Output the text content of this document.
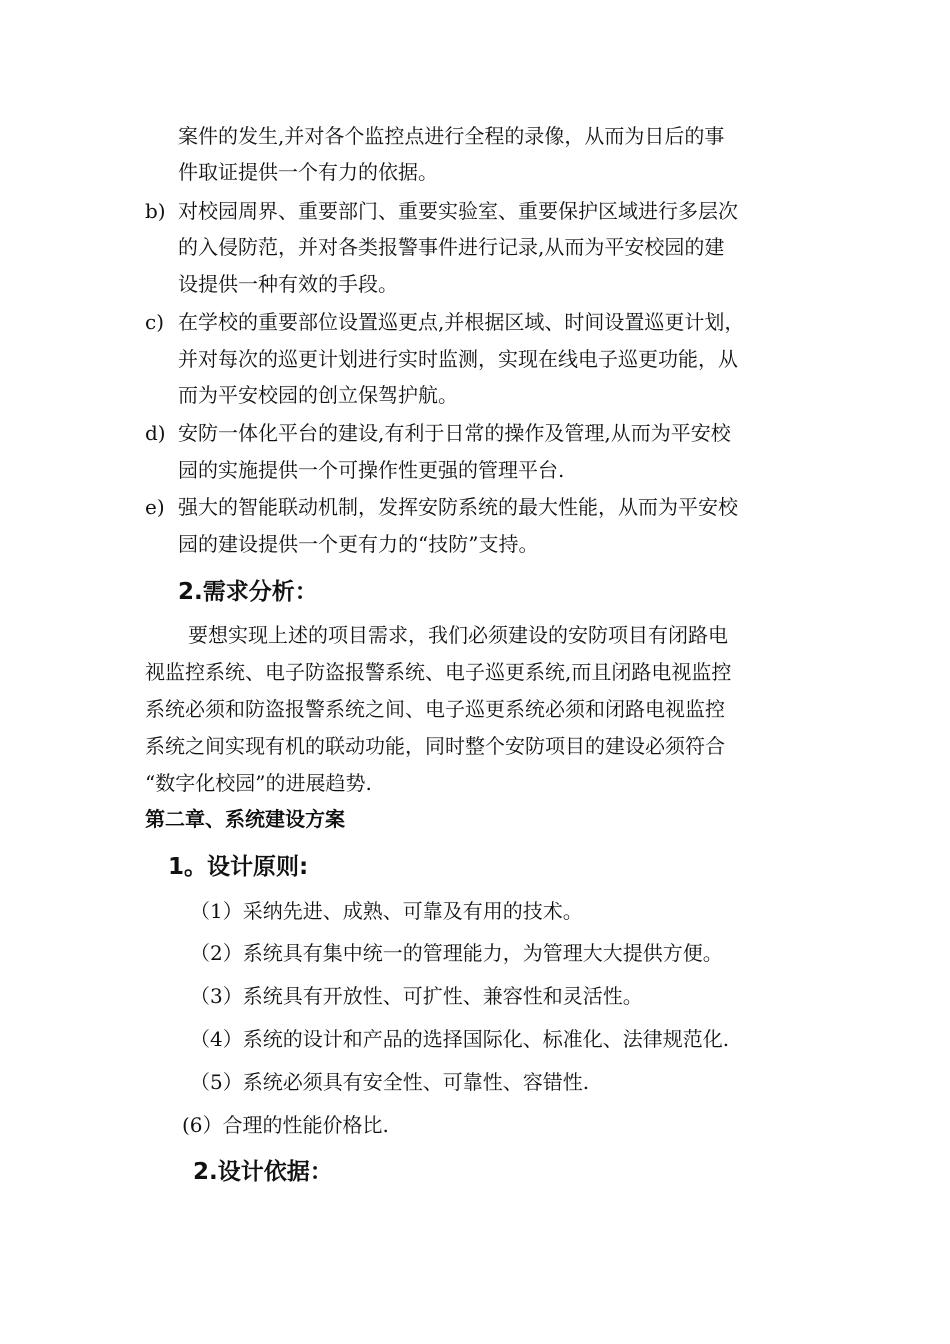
案件的发生,并对各个监控点进行全程的录像，从而为日后的事
件取证提供一个有力的依据。
b) 对校园周界、重要部门、重要实验室、重要保护区域进行多层次
的入侵防范，并对各类报警事件进行记录,从而为平安校园的建
设提供一种有效的手段。
c) 在学校的重要部位设置巡更点,并根据区域、时间设置巡更计划，
并对每次的巡更计划进行实时监测，实现在线电子巡更功能，从
而为平安校园的创立保驾护航。
d) 安防一体化平台的建设,有利于日常的操作及管理,从而为平安校
园的实施提供一个可操作性更强的管理平台.
e) 强大的智能联动机制，发挥安防系统的最大性能，从而为平安校
园的建设提供一个更有力的“技防”支持。
2.需求分析：
要想实现上述的项目需求，我们必须建设的安防项目有闭路电
视监控系统、电子防盗报警系统、电子巡更系统,而且闭路电视监控
系统必须和防盗报警系统之间、电子巡更系统必须和闭路电视监控
系统之间实现有机的联动功能，同时整个安防项目的建设必须符合
“数字化校园”的进展趋势.
第二章、系统建设方案
1。设计原则:
（1）采纳先进、成熟、可靠及有用的技术。
（2）系统具有集中统一的管理能力，为管理大大提供方便。
（3）系统具有开放性、可扩性、兼容性和灵活性。
（4）系统的设计和产品的选择国际化、标准化、法律规范化.
（5）系统必须具有安全性、可靠性、容错性.
(6）合理的性能价格比.
2.设计依据：
